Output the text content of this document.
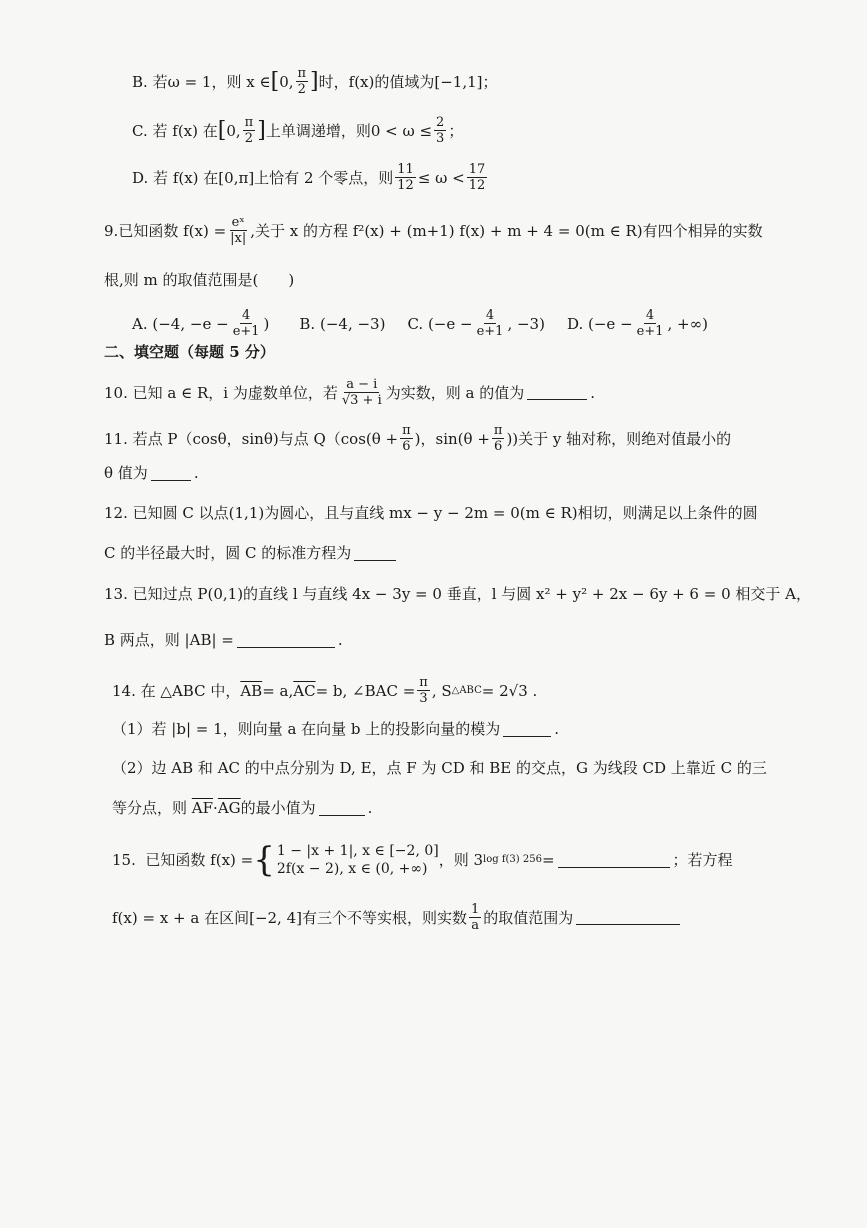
B.
若ω = 1，则
x ∈ [ 0, $\frac{\pi}{2}$ ] 时，f(x)的值域为[−1,1]；
C.
若 f(x) 在 [ 0, $\frac{\pi}{2}$ ] 上单调递增，则$0 < \omega \le \frac{2}{3}$ ；
D.
若 f(x) 在[0,π]上恰有 2 个零点，则 $\frac{11}{12} \le \omega < \frac{17}{12}$
9. 已知函数 $f(x) = \frac{\text{eˣ}}{|x|}$ ,关于 x 的方程 f²(x) + (m+1) f(x) + m + 4 = 0(m ∈ R)有四个相异的实数
根,则 m 的取值范围是(　　)
A.
(−4, $-e - \frac{4}{e+1}$ ) B.
(−4, −3) C.
($-e - \frac{4}{e+1}$ , −3) D.
($-e - \frac{4}{e+1}$ , +∞)
二、填空题（每题 5 分）
10.
已知 a ∈ R，i 为虚数单位，若 $\frac{a - i}{√3 + i}$ 为实数，则 a 的值为	.
11.
若点 P（cosθ，sinθ)与点 $Q(\cos(\theta + \frac{\pi}{6}$ )，$\sin(\theta + \frac{\pi}{6}$ ))关于 y 轴对称，则绝对值最小的
θ 值为	.
12.
已知圆 C 以点(1,1)为圆心，且与直线 mx − y − 2m = 0(m ∈ R)相切，则满足以上条件的圆
C 的半径最大时，圆 C 的标准方程为
13.
已知过点 P(0,1)的直线 l 与直线 4x − 3y = 0 垂直，l 与圆 x² + y² + 2x − 6y + 6 = 0 相交于 A，
B 两点，则 |AB| =	.
14.
在 △ABC 中， $\overline{AB} = a$, $\overline{AC} = b$, ∠BAC = $\frac{\pi}{3}$ , S △ABC = 2√3 .
（1）若 |b| = 1，则向量 a 在向量 b 上的投影向量的模为	.
（2）边 AB 和 AC 的中点分别为 D, E，点 F 为 CD 和 BE 的交点，G 为线段 CD 上靠近 C 的三
等分点，则
$\overline{AF} \cdot \overline{AG}$ 的最小值为	.
15.
已知函数 f(x) = { 1 − |x + 1|, x ∈ [−2, 0]
2f(x − 2), x ∈ (0, +∞) ，则 3 log f(3) 256 =	；若方程
f(x) = x + a 在区间[−2, 4]有三个不等实根，则实数 $\frac{1}{a}$ 的取值范围为
